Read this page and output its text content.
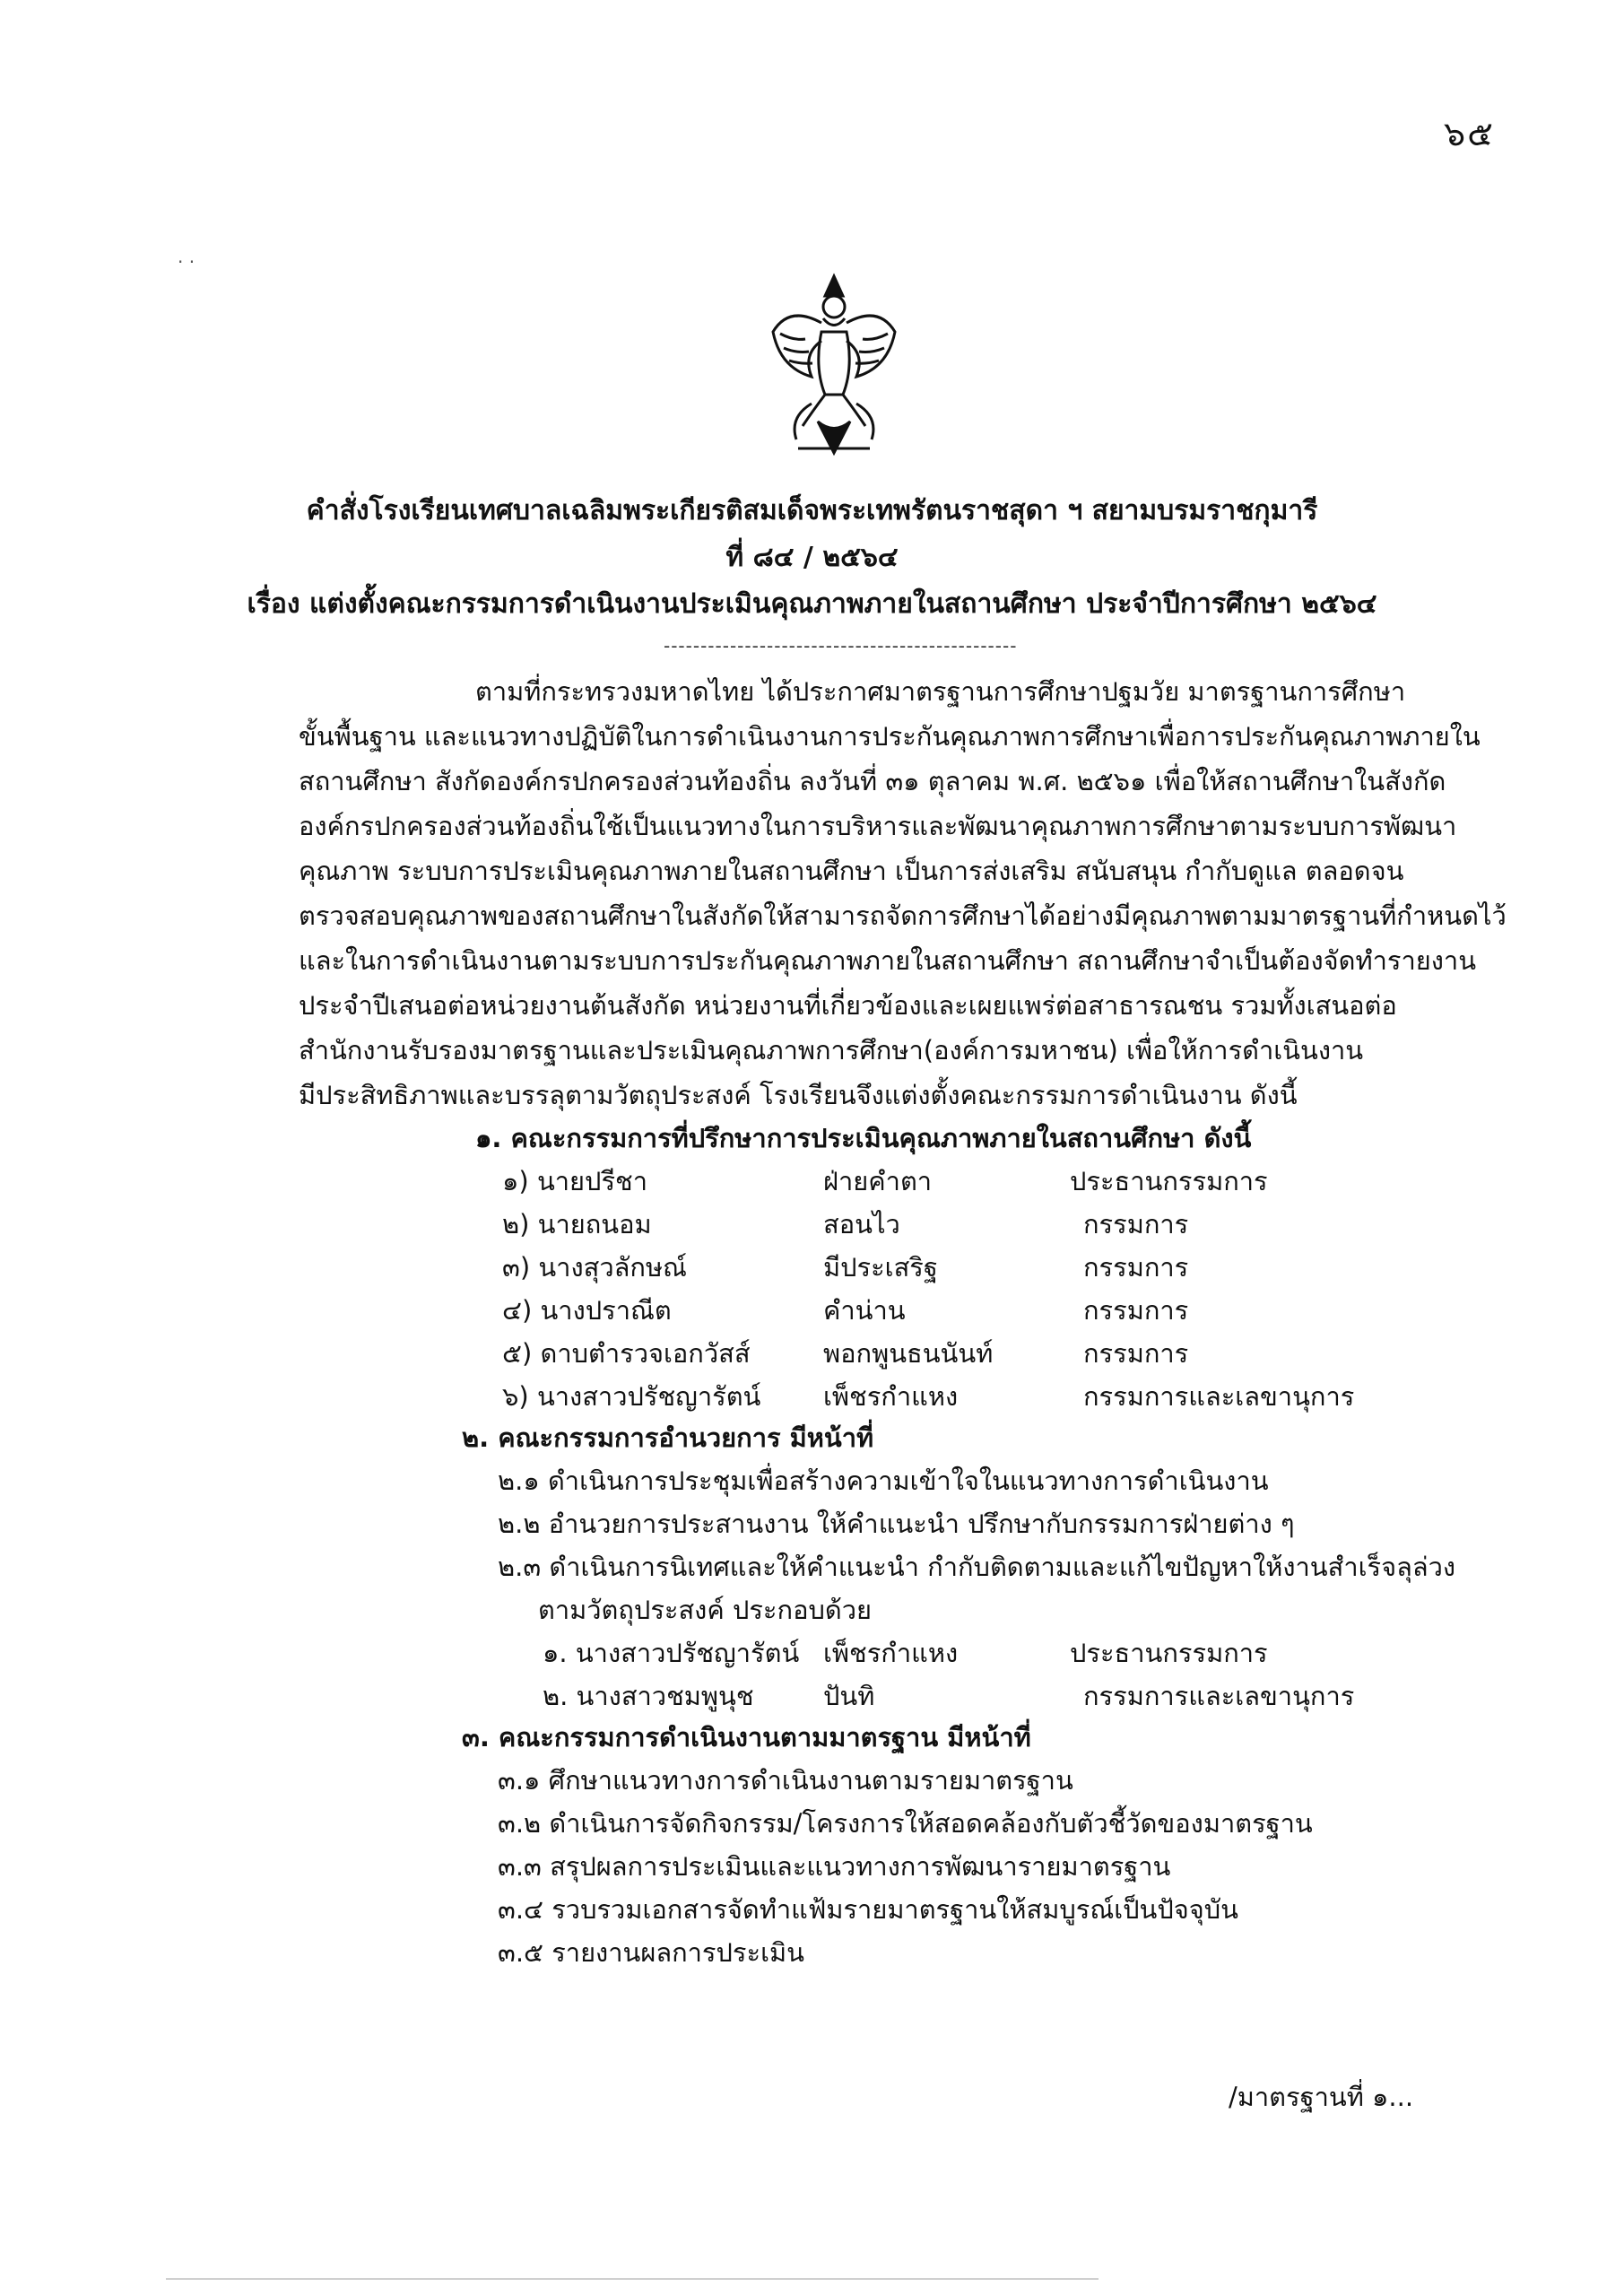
๖๕
· ·
คำสั่งโรงเรียนเทศบาลเฉลิมพระเกียรติสมเด็จพระเทพรัตนราชสุดา ฯ สยามบรมราชกุมารี
ที่ ๘๔ / ๒๕๖๔
เรื่อง แต่งตั้งคณะกรรมการดำเนินงานประเมินคุณภาพภายในสถานศึกษา ประจำปีการศึกษา ๒๕๖๔
------------------------------------------------
ตามที่กระทรวงมหาดไทย ได้ประกาศมาตรฐานการศึกษาปฐมวัย มาตรฐานการศึกษา
ขั้นพื้นฐาน และแนวทางปฏิบัติในการดำเนินงานการประกันคุณภาพการศึกษาเพื่อการประกันคุณภาพภายใน
สถานศึกษา สังกัดองค์กรปกครองส่วนท้องถิ่น ลงวันที่ ๓๑ ตุลาคม พ.ศ. ๒๕๖๑ เพื่อให้สถานศึกษาในสังกัด
องค์กรปกครองส่วนท้องถิ่นใช้เป็นแนวทางในการบริหารและพัฒนาคุณภาพการศึกษาตามระบบการพัฒนา
คุณภาพ ระบบการประเมินคุณภาพภายในสถานศึกษา เป็นการส่งเสริม สนับสนุน กำกับดูแล ตลอดจน
ตรวจสอบคุณภาพของสถานศึกษาในสังกัดให้สามารถจัดการศึกษาได้อย่างมีคุณภาพตามมาตรฐานที่กำหนดไว้
และในการดำเนินงานตามระบบการประกันคุณภาพภายในสถานศึกษา สถานศึกษาจำเป็นต้องจัดทำรายงาน
ประจำปีเสนอต่อหน่วยงานต้นสังกัด หน่วยงานที่เกี่ยวข้องและเผยแพร่ต่อสาธารณชน รวมทั้งเสนอต่อ
สำนักงานรับรองมาตรฐานและประเมินคุณภาพการศึกษา(องค์การมหาชน) เพื่อให้การดำเนินงาน
มีประสิทธิภาพและบรรลุตามวัตถุประสงค์ โรงเรียนจึงแต่งตั้งคณะกรรมการดำเนินงาน ดังนี้
๑. คณะกรรมการที่ปรึกษาการประเมินคุณภาพภายในสถานศึกษา ดังนี้
๑) นายปรีชา	ฝ่ายคำตา	ประธานกรรมการ
๒) นายถนอม	สอนไว	กรรมการ
๓) นางสุวลักษณ์	มีประเสริฐ	กรรมการ
๔) นางปราณีต	คำน่าน	กรรมการ
๕) ดาบตำรวจเอกวัสส์	พอกพูนธนนันท์	กรรมการ
๖) นางสาวปรัชญารัตน์ เพ็ชรกำแหง	กรรมการและเลขานุการ
๒. คณะกรรมการอำนวยการ มีหน้าที่
๒.๑ ดำเนินการประชุมเพื่อสร้างความเข้าใจในแนวทางการดำเนินงาน
๒.๒ อำนวยการประสานงาน ให้คำแนะนำ ปรึกษากับกรรมการฝ่ายต่าง ๆ
๒.๓ ดำเนินการนิเทศและให้คำแนะนำ กำกับติดตามและแก้ไขปัญหาให้งานสำเร็จลุล่วง
ตามวัตถุประสงค์ ประกอบด้วย
๑. นางสาวปรัชญารัตน์ เพ็ชรกำแหง	ประธานกรรมการ
๒. นางสาวชมพูนุช	ปันทิ	กรรมการและเลขานุการ
๓. คณะกรรมการดำเนินงานตามมาตรฐาน มีหน้าที่
๓.๑ ศึกษาแนวทางการดำเนินงานตามรายมาตรฐาน
๓.๒ ดำเนินการจัดกิจกรรม/โครงการให้สอดคล้องกับตัวชี้วัดของมาตรฐาน
๓.๓ สรุปผลการประเมินและแนวทางการพัฒนารายมาตรฐาน
๓.๔ รวบรวมเอกสารจัดทำแฟ้มรายมาตรฐานให้สมบูรณ์เป็นปัจจุบัน
๓.๕ รายงานผลการประเมิน
/มาตรฐานที่ ๑...
